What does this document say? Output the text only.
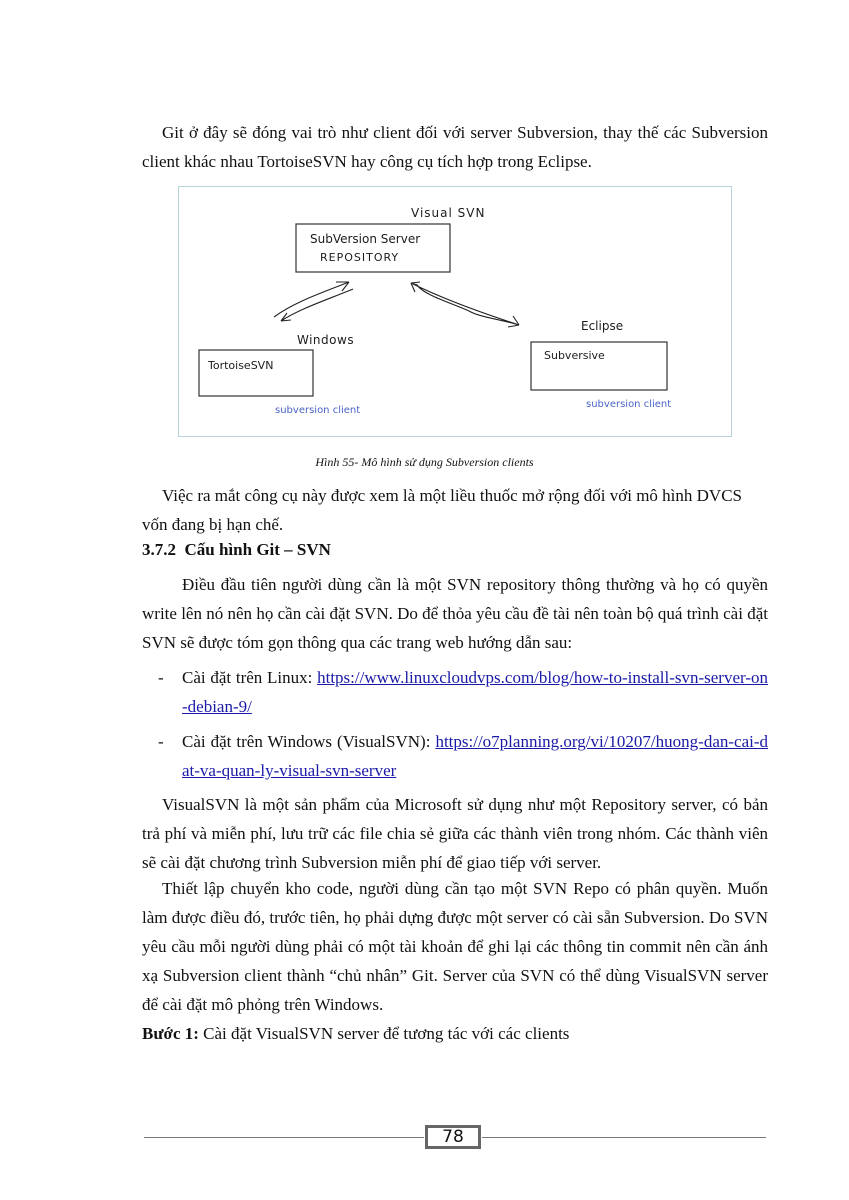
Git ở đây sẽ đóng vai trò như client đối với server Subversion, thay thế các Subversion client khác nhau TortoiseSVN hay công cụ tích hợp trong Eclipse.

Visual SVN
SubVersion Server
REPOSITORY
Windows
TortoiseSVN
subversion client
Eclipse
Subversive
subversion client
Hình 55- Mô hình sử dụng Subversion clients

Việc ra mắt công cụ này được xem là một liều thuốc mở rộng đối với mô hình DVCS vốn đang bị hạn chế.

3.7.2 Cấu hình Git – SVN

Điều đầu tiên người dùng cần là một SVN repository thông thường và họ có quyền write lên nó nên họ cần cài đặt SVN. Do để thỏa yêu cầu đề tài nên toàn bộ quá trình cài đặt SVN sẽ được tóm gọn thông qua các trang web hướng dẫn sau:

- Cài đặt trên Linux: https://www.linuxcloudvps.com/blog/how-to-install-svn-server-on-debian-9/
- Cài đặt trên Windows (VisualSVN): https://o7planning.org/vi/10207/huong-dan-cai-dat-va-quan-ly-visual-svn-server

VisualSVN là một sản phẩm của Microsoft sử dụng như một Repository server, có bản trả phí và miễn phí, lưu trữ các file chia sẻ giữa các thành viên trong nhóm. Các thành viên sẽ cài đặt chương trình Subversion miễn phí để giao tiếp với server.

Thiết lập chuyển kho code, người dùng cần tạo một SVN Repo có phân quyền. Muốn làm được điều đó, trước tiên, họ phải dựng được một server có cài sẵn Subversion. Do SVN yêu cầu mỗi người dùng phải có một tài khoản để ghi lại các thông tin commit nên cần ánh xạ Subversion client thành “chủ nhân” Git. Server của SVN có thể dùng VisualSVN server để cài đặt mô phỏng trên Windows.

Bước 1: Cài đặt VisualSVN server để tương tác với các clients

78
